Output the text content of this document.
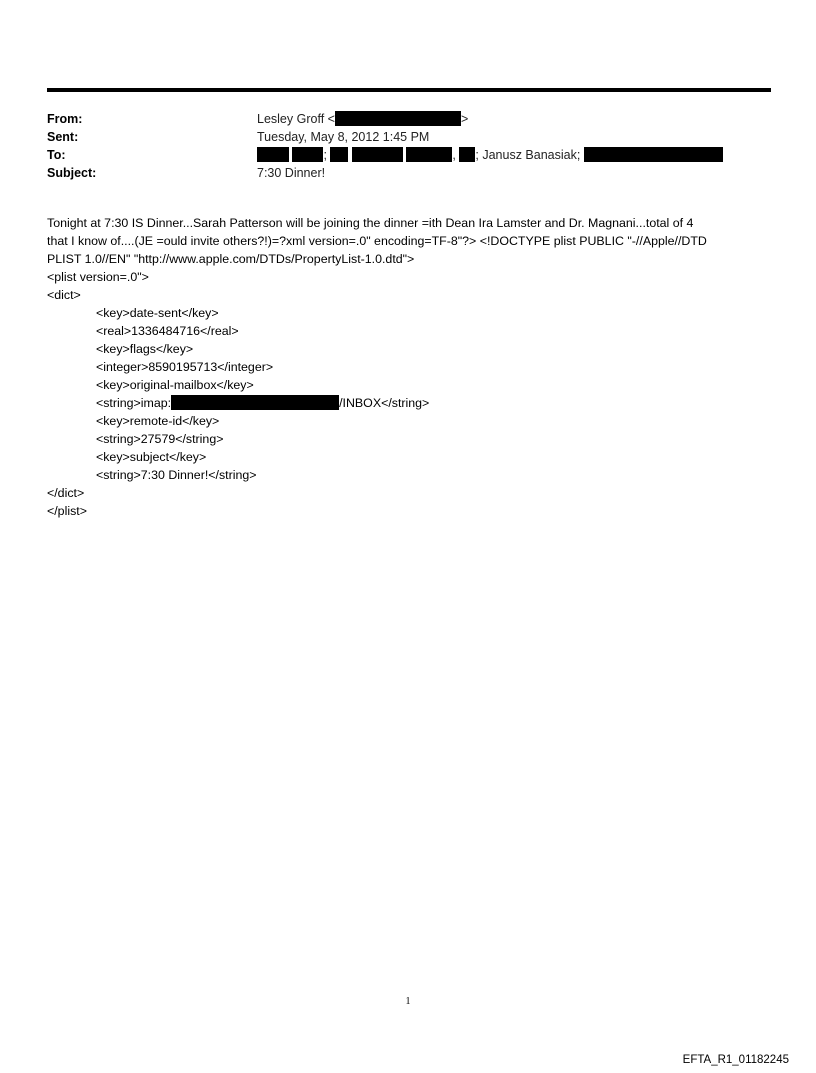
From:	Lesley Groff <	>
Sent:	Tuesday, May 8, 2012 1:45 PM
To:	;	, ; Janusz Banasiak;
Subject:	7:30 Dinner!
Tonight at 7:30 IS Dinner...Sarah Patterson will be joining the dinner =ith Dean Ira Lamster and Dr. Magnani...total of 4
that I know of....(JE =ould invite others?!)=?xml version=.0" encoding=TF-8"?> <!DOCTYPE plist PUBLIC "-//Apple//DTD
PLIST 1.0//EN" "http://www.apple.com/DTDs/PropertyList-1.0.dtd">
<plist version=.0">
<dict>
<key>date-sent</key>
<real>1336484716</real>
<key>flags</key>
<integer>8590195713</integer>
<key>original-mailbox</key>
<string>imap:	/INBOX</string>
<key>remote-id</key>
<string>27579</string>
<key>subject</key>
<string>7:30 Dinner!</string>
</dict>
</plist>
1
EFTA_R1_01182245
